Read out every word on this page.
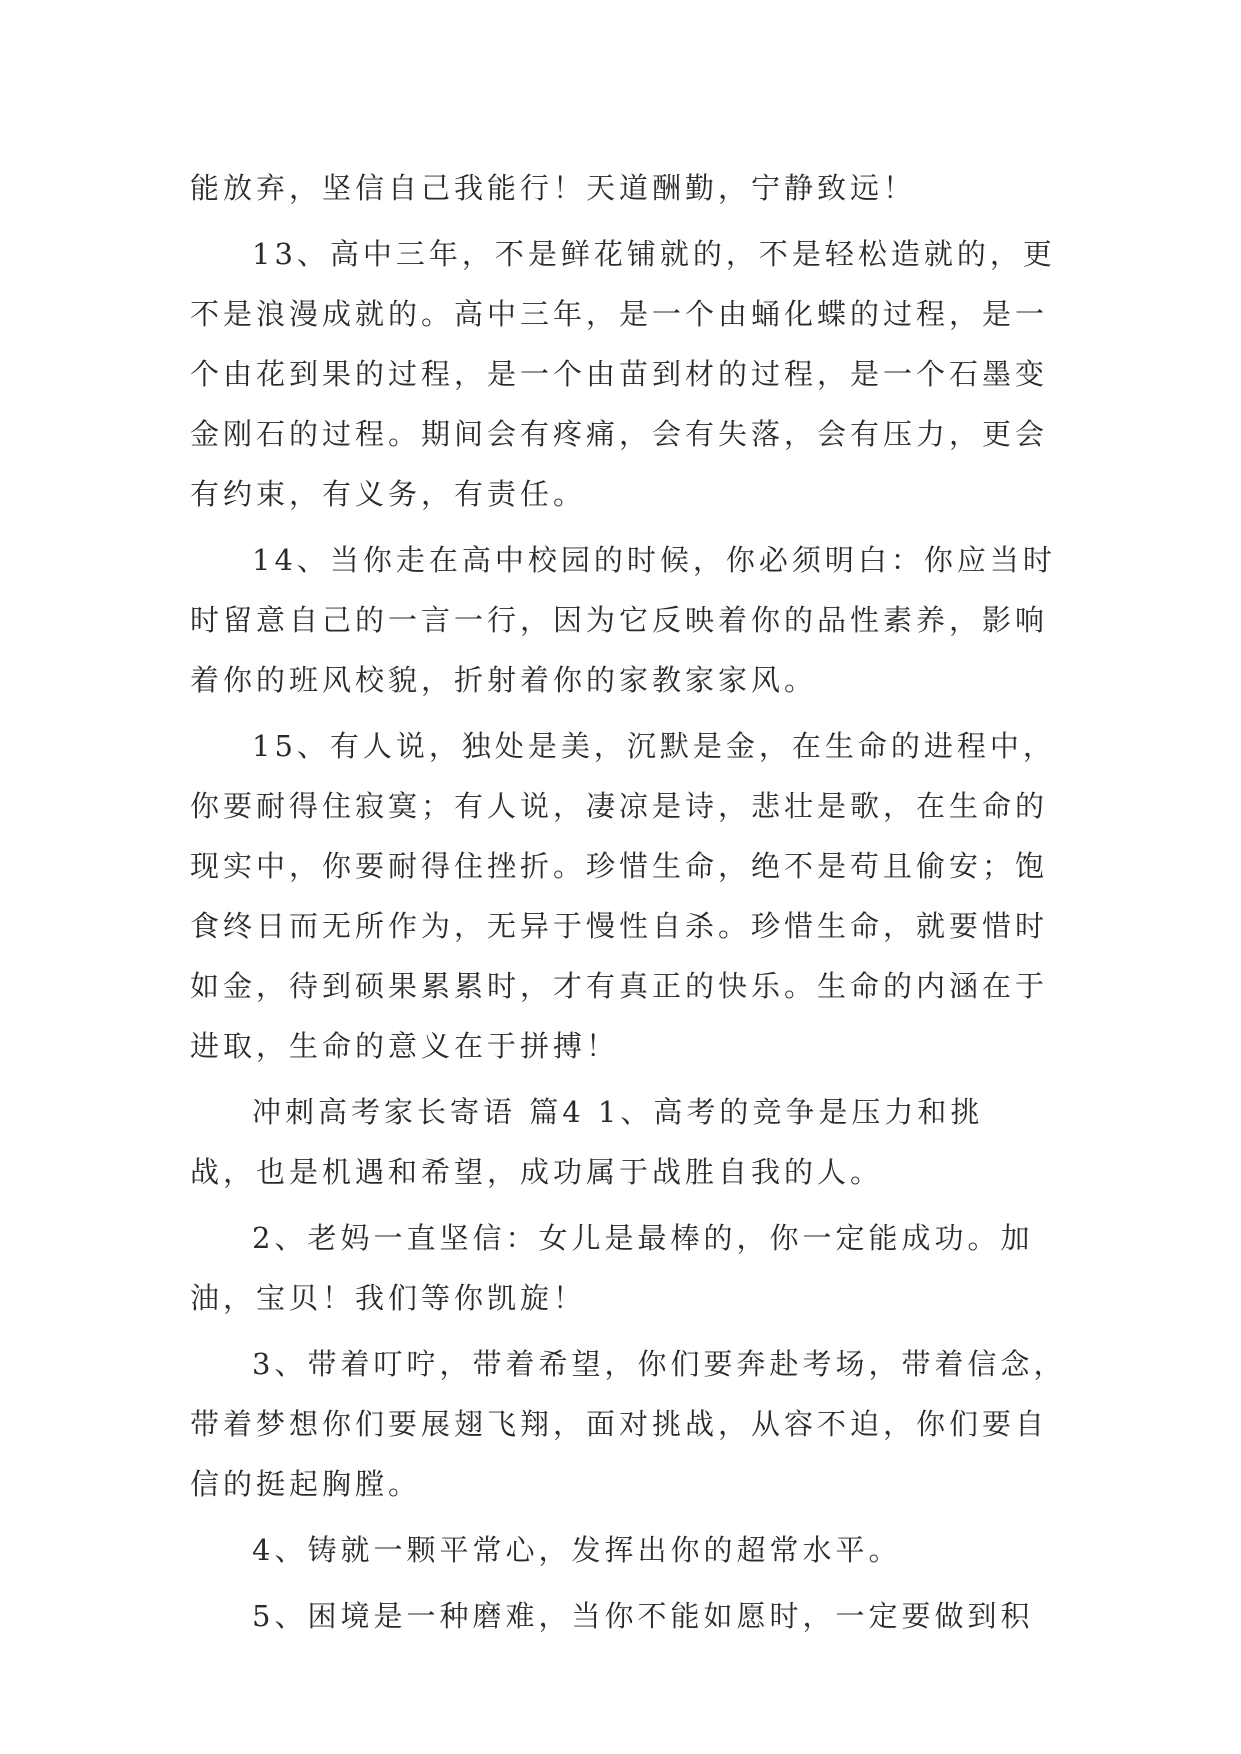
能放弃，坚信自己我能行！天道酬勤，宁静致远！

13、高中三年，不是鲜花铺就的，不是轻松造就的，更
不是浪漫成就的。高中三年，是一个由蛹化蝶的过程，是一
个由花到果的过程，是一个由苗到材的过程，是一个石墨变
金刚石的过程。期间会有疼痛，会有失落，会有压力，更会
有约束，有义务，有责任。

14、当你走在高中校园的时候，你必须明白：你应当时
时留意自己的一言一行，因为它反映着你的品性素养，影响
着你的班风校貌，折射着你的家教家家风。

15、有人说，独处是美，沉默是金，在生命的进程中，
你要耐得住寂寞；有人说，凄凉是诗，悲壮是歌，在生命的
现实中，你要耐得住挫折。珍惜生命，绝不是苟且偷安；饱
食终日而无所作为，无异于慢性自杀。珍惜生命，就要惜时
如金，待到硕果累累时，才有真正的快乐。生命的内涵在于
进取，生命的意义在于拼搏！

冲刺高考家长寄语 篇4 1、高考的竞争是压力和挑
战，也是机遇和希望，成功属于战胜自我的人。

2、老妈一直坚信：女儿是最棒的，你一定能成功。加
油，宝贝！我们等你凯旋！

3、带着叮咛，带着希望，你们要奔赴考场，带着信念，
带着梦想你们要展翅飞翔，面对挑战，从容不迫，你们要自
信的挺起胸膛。

4、铸就一颗平常心，发挥出你的超常水平。

5、困境是一种磨难，当你不能如愿时，一定要做到积
